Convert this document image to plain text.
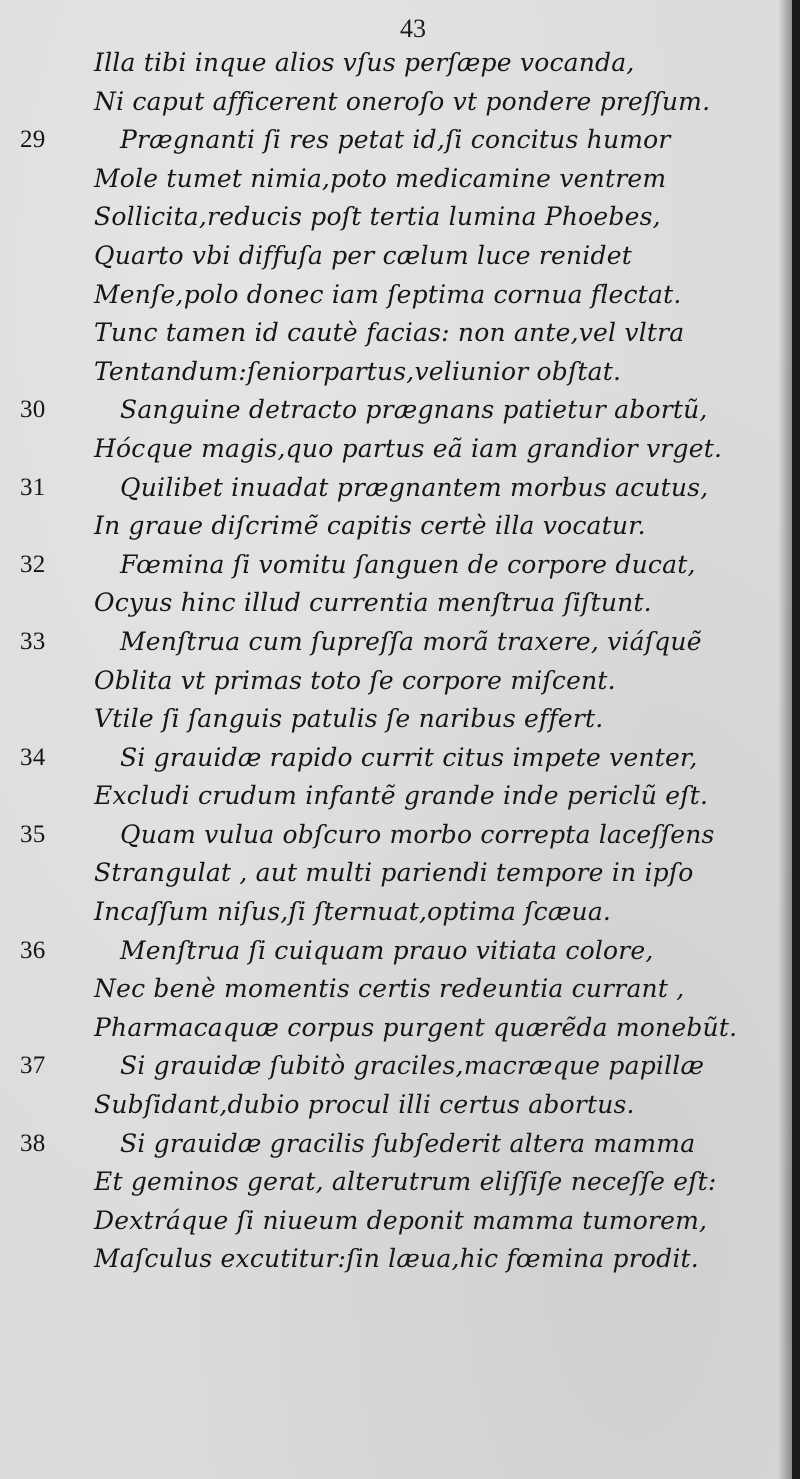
43
Illa tibi inque alios vſus perſæpe vocanda,
Ni caput afficerent oneroſo vt pondere preſſum.
29	Prægnanti ſi res petat id,ſi concitus humor
Mole tumet nimia,poto medicamine ventrem
Sollicita,reducis poſt tertia lumina Phoebes,
Quarto vbi diffuſa per cælum luce renidet
Menſe,polo donec iam ſeptima cornua flectat.
Tunc tamen id cautè facias: non ante,vel vltra
Tentandum:ſeniorpartus,veliunior obſtat.
30	Sanguine detracto prægnans patietur abortũ,
Hócque magis,quo partus eã iam grandior vrget.
31	Quilibet inuadat prægnantem morbus acutus,
In graue diſcrimẽ capitis certè illa vocatur.
32	Fœmina ſi vomitu ſanguen de corpore ducat,
Ocyus hinc illud currentia menſtrua ſiſtunt.
33	Menſtrua cum ſupreſſa morã traxere, viáſquẽ
Oblita vt primas toto ſe corpore miſcent.
Vtile ſi ſanguis patulis ſe naribus effert.
34	Si grauidæ rapido currit citus impete venter,
Excludi crudum infantẽ grande inde periclũ eſt.
35	Quam vulua obſcuro morbo correpta laceſſens
Strangulat , aut multi pariendi tempore in ipſo
Incaſſum niſus,ſi ſternuat,optima ſcæua.
36	Menſtrua ſi cuiquam prauo vitiata colore,
Nec benè momentis certis redeuntia currant ,
Pharmacaquæ corpus purgent quærẽda monebũt.
37	Si grauidæ ſubitò graciles,macræque papillæ
Subſidant,dubio procul illi certus abortus.
38	Si grauidæ gracilis ſubſederit altera mamma
Et geminos gerat, alterutrum eliſſiſe neceſſe eſt:
Dextráque ſi niueum deponit mamma tumorem,
Maſculus excutitur:ſin læua,hic fœmina prodit.
